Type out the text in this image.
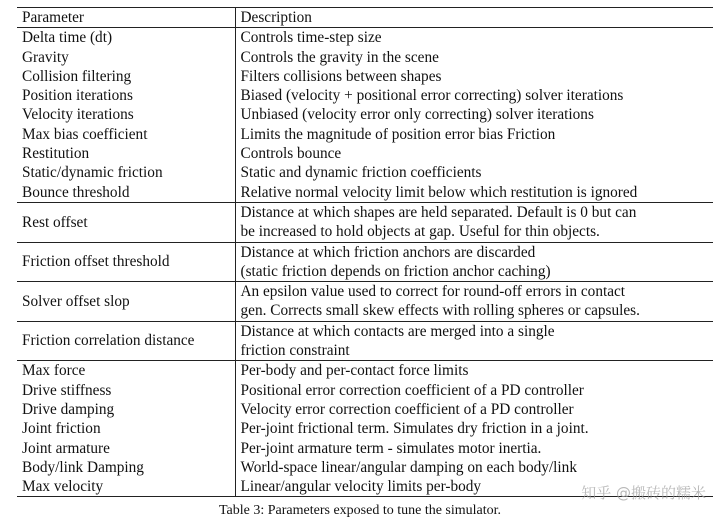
Parameter	Description
Delta time (dt)	Controls time-step size

Gravity	Controls the gravity in the scene

Collision filtering	Filters collisions between shapes

Position iterations	Biased (velocity + positional error correcting) solver iterations

Velocity iterations	Unbiased (velocity error only correcting) solver iterations

Max bias coefficient	Limits the magnitude of position error bias Friction

Restitution	Controls bounce

Static/dynamic friction	Static and dynamic friction coefficients

Bounce threshold	Relative normal velocity limit below which restitution is ignored

Rest offset	Distance at which shapes are held separated. Default is 0 but can
be increased to hold objects at gap. Useful for thin objects.

Friction offset threshold	Distance at which friction anchors are discarded
(static friction depends on friction anchor caching)

Solver offset slop	An epsilon value used to correct for round-off errors in contact
gen. Corrects small skew effects with rolling spheres or capsules.

Friction correlation distance	Distance at which contacts are merged into a single
friction constraint

Max force	Per-body and per-contact force limits

Drive stiffness	Positional error correction coefficient of a PD controller

Drive damping	Velocity error correction coefficient of a PD controller

Joint friction	Per-joint frictional term. Simulates dry friction in a joint.

Joint armature	Per-joint armature term - simulates motor inertia.

Body/link Damping	World-space linear/angular damping on each body/link

Max velocity	Linear/angular velocity limits per-body
Table 3: Parameters exposed to tune the simulator.
知乎 @搬砖的糯米
